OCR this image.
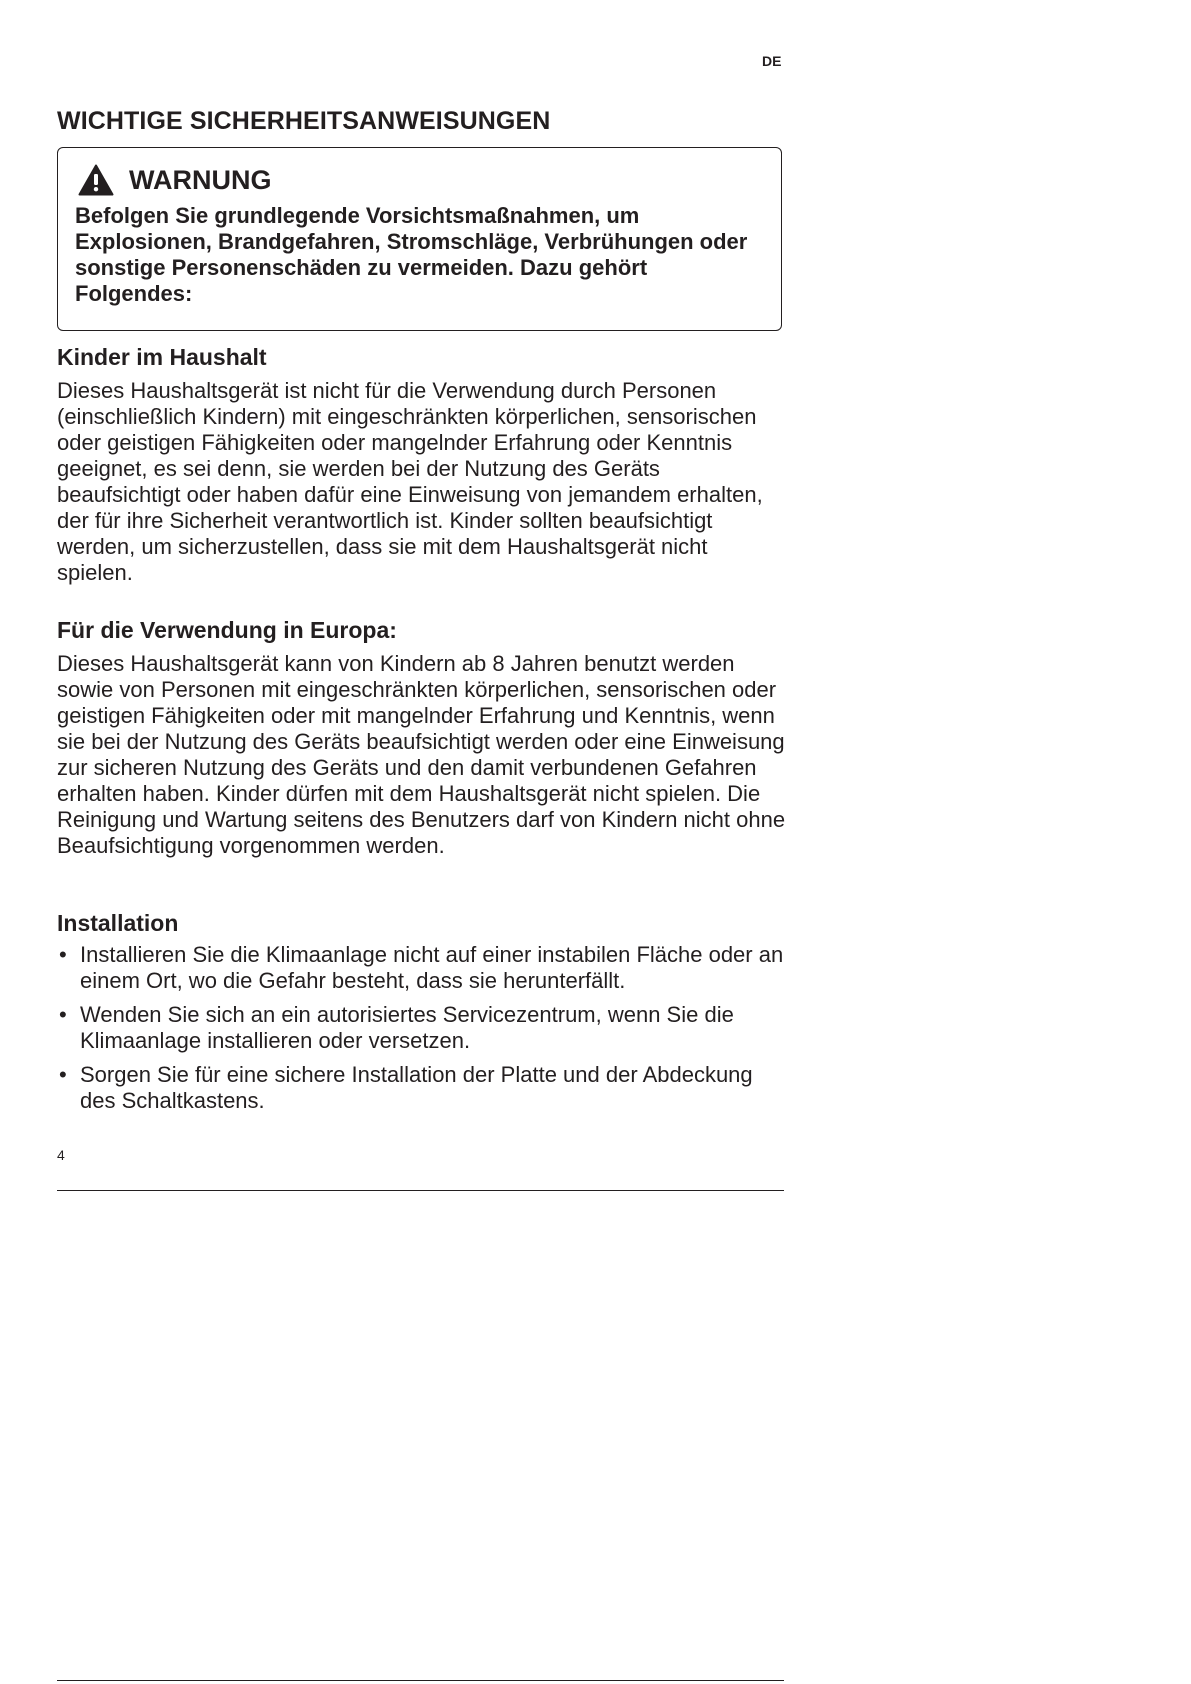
DE
WICHTIGE SICHERHEITSANWEISUNGEN
WARNUNG

Befolgen Sie grundlegende Vorsichtsmaßnahmen, um Explosionen, Brandgefahren, Stromschläge, Verbrühungen oder sonstige Personenschäden zu vermeiden. Dazu gehört Folgendes:

Kinder im Haushalt

Dieses Haushaltsgerät ist nicht für die Verwendung durch Personen (einschließlich Kindern) mit eingeschränkten körperlichen, sensorischen oder geistigen Fähigkeiten oder mangelnder Erfahrung oder Kenntnis geeignet, es sei denn, sie werden bei der Nutzung des Geräts beaufsichtigt oder haben dafür eine Einweisung von jemandem erhalten, der für ihre Sicherheit verantwortlich ist. Kinder sollten beaufsichtigt werden, um sicherzustellen, dass sie mit dem Haushaltsgerät nicht spielen.

Für die Verwendung in Europa:

Dieses Haushaltsgerät kann von Kindern ab 8 Jahren benutzt werden sowie von Personen mit eingeschränkten körperlichen, sensorischen oder geistigen Fähigkeiten oder mit mangelnder Erfahrung und Kenntnis, wenn sie bei der Nutzung des Geräts beaufsichtigt werden oder eine Einweisung zur sicheren Nutzung des Geräts und den damit verbundenen Gefahren erhalten haben. Kinder dürfen mit dem Haushaltsgerät nicht spielen. Die Reinigung und Wartung seitens des Benutzers darf von Kindern nicht ohne Beaufsichtigung vorgenommen werden.

Installation
• Installieren Sie die Klimaanlage nicht auf einer instabilen Fläche oder an einem Ort, wo die Gefahr besteht, dass sie herunterfällt.
• Wenden Sie sich an ein autorisiertes Servicezentrum, wenn Sie die Klimaanlage installieren oder versetzen.
• Sorgen Sie für eine sichere Installation der Platte und der Abdeckung des Schaltkastens.
4
